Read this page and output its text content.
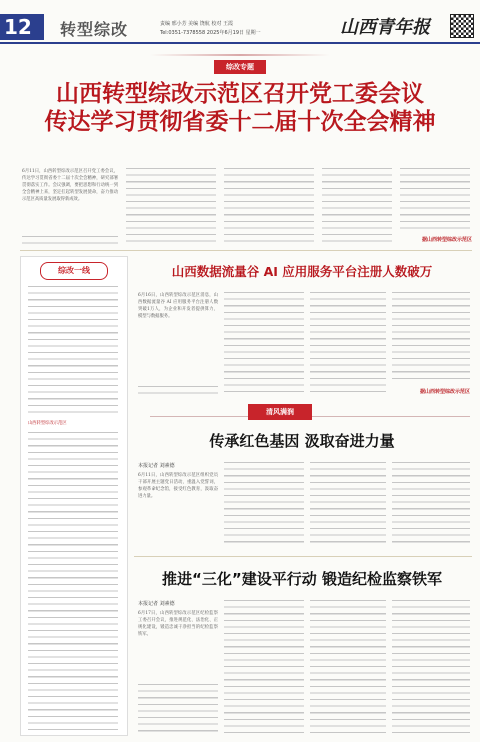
12 转型综改	责编 邢小芳 美编 饶航 校对 王霞
Tel:0351-7378558 2025年6月19日 星期一	山西青年报
综改专题
山西转型综改示范区召开党工委会议
传达学习贯彻省委十二届十次全会精神
6月11日，山西转型综改示范区召开党工委会议，传达学习贯彻省委十二届十次全会精神，研究部署贯彻落实工作。会议强调，要把思想和行动统一到全会精神上来，坚定扛起转型发展使命，奋力推动示范区高质量发展取得新成效。
据山西转型综改示范区
综改一线
山西转型综改示范区
山西数据流量谷 AI 应用服务平台注册人数破万
6月16日，山西转型综改示范区消息，山西数据流量谷 AI 应用服务平台注册人数突破1万人，为企业和开发者提供算力、模型与数据服务。
据山西转型综改示范区
清风满润
传承红色基因 汲取奋进力量
本报记者 刘素德
6月11日，山西转型综改示范区组织党员干部开展主题党日活动，重温入党誓词，参观革命纪念馆，接受红色教育，汲取奋进力量。
推进“三化”建设平行动 锻造纪检监察铁军
本报记者 刘素德
6月17日，山西转型综改示范区纪检监察工委召开会议，推进规范化、法治化、正规化建设，锻造忠诚干净担当的纪检监察铁军。
